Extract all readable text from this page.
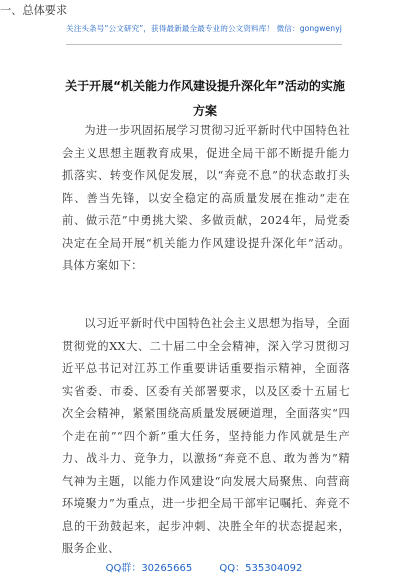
关注头条号“公文研究”，获得最新最全最专业的公文资料库！ 微信：gongwenyj
关于开展“机关能力作风建设提升深化年”活动的实施方案
为进一步巩固拓展学习贯彻习近平新时代中国特色社会主义思想主题教育成果，促进全局干部不断提升能力抓落实、转变作风促发展，以“奔竞不息”的状态敢打头阵、善当先锋，以安全稳定的高质量发展在推动“走在前、做示范”中勇挑大梁、多做贡献，2024年，局党委决定在全局开展“机关能力作风建设提升深化年”活动。具体方案如下：
一、总体要求
以习近平新时代中国特色社会主义思想为指导，全面贯彻党的XX大、二十届二中全会精神，深入学习贯彻习近平总书记对江苏工作重要讲话重要指示精神，全面落实省委、市委、区委有关部署要求，以及区委十五届七次全会精神，紧紧围绕高质量发展硬道理，全面落实“四个走在前”“四个新”重大任务，坚持能力作风就是生产力、战斗力、竞争力，以激扬“奔竞不息、敢为善为”精气神为主题，以能力作风建设“向发展大局聚焦、向营商环境聚力”为重点，进一步把全局干部牢记嘱托、奔竞不息的干劲鼓起来，起步冲刺、决胜全年的状态提起来，服务企业、
QQ群：30265665	QQ：535304092
